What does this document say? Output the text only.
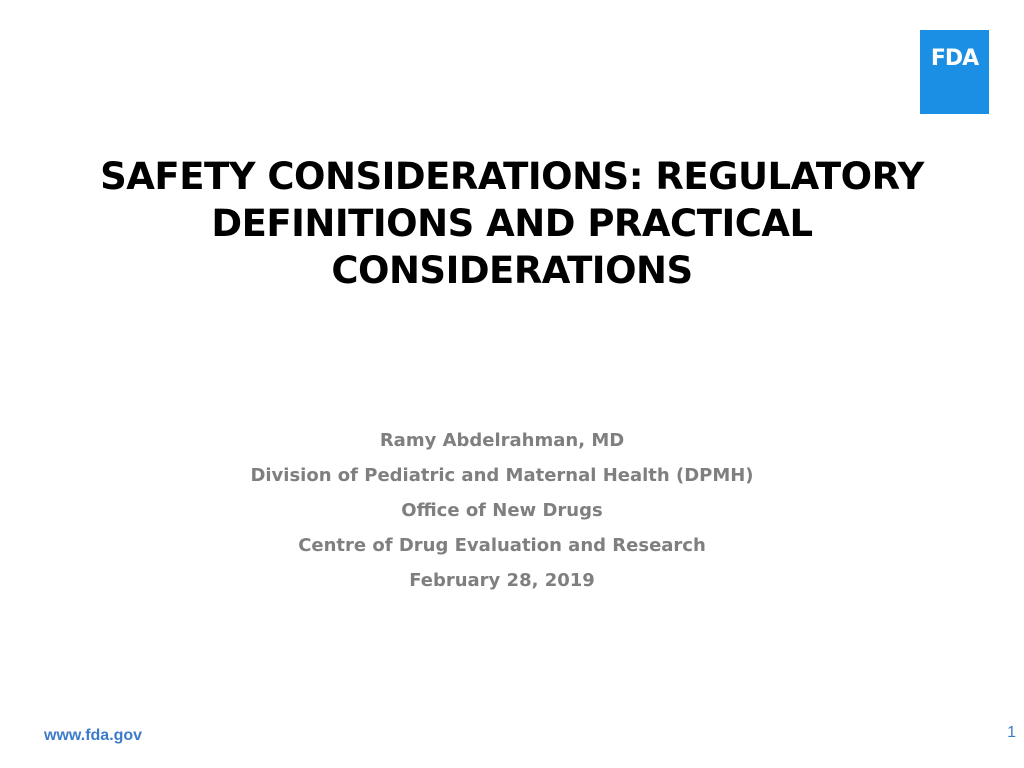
FDA
SAFETY CONSIDERATIONS: REGULATORY
DEFINITIONS AND PRACTICAL
CONSIDERATIONS
Ramy Abdelrahman, MD
Division of Pediatric and Maternal Health (DPMH)
Office of New Drugs
Centre of Drug Evaluation and Research
February 28, 2019
www.fda.gov	1
